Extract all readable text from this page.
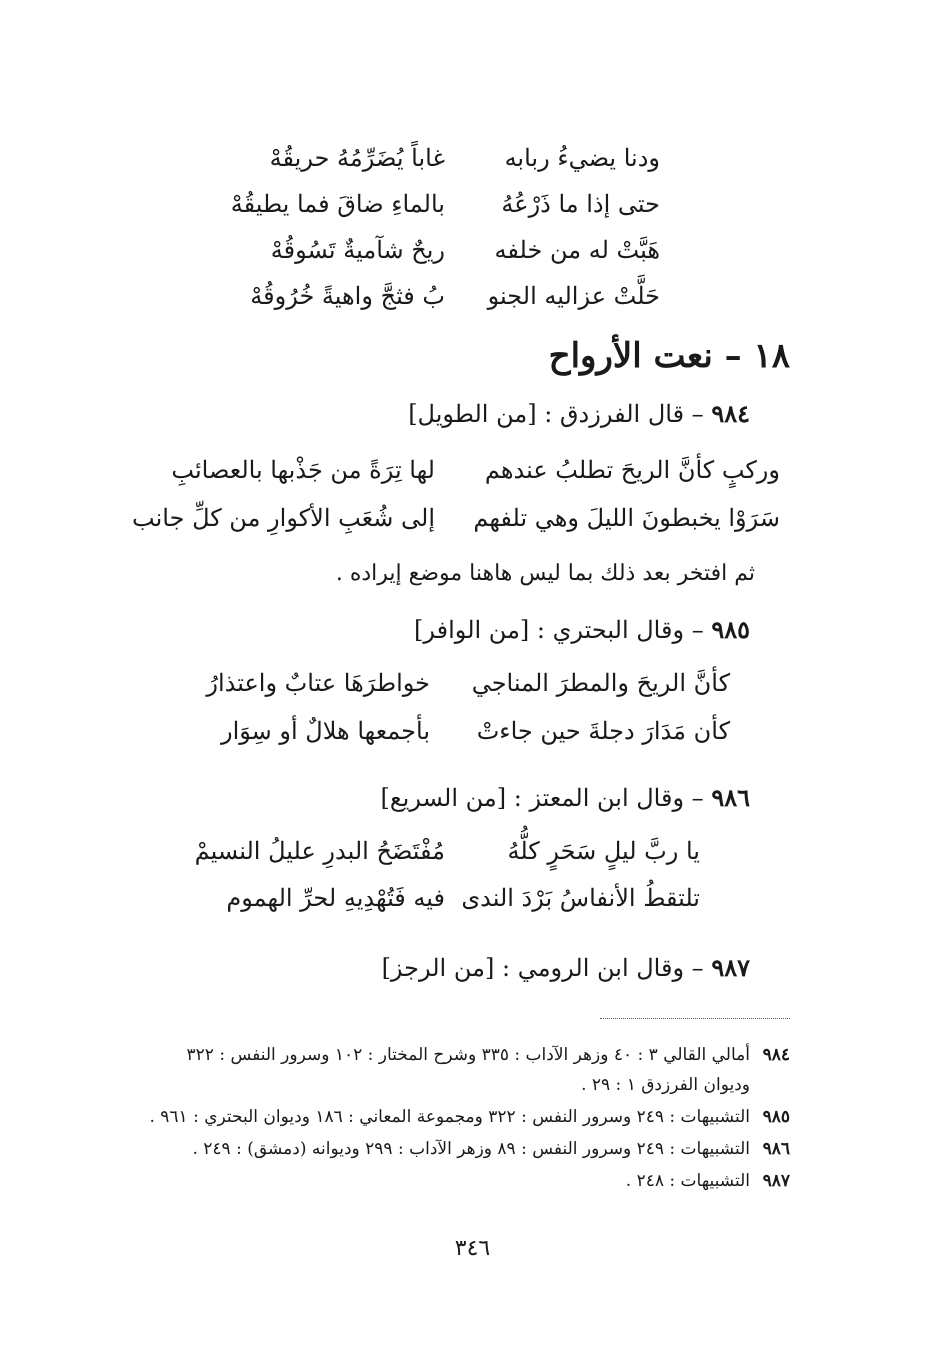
ودنا يضيءُ ربابه
غاباً يُضَرِّمُهُ حريقُهْ
حتى إذا ما ذَرْعُهُ
بالماءِ ضاقَ فما يطيقُهْ
هَبَّتْ له من خلفه
ريحٌ شآميةٌ تَسُوقُهْ
حَلَّتْ عزاليه الجنو
بُ فثجَّ واهيةً خُرُوقُهْ
١٨ – نعت الأرواح
٩٨٤ – قال الفرزدق : [من الطويل]
وركبٍ كأنَّ الريحَ تطلبُ عندهم
لها تِرَةً من جَذْبها بالعصائبِ
سَرَوْا يخبطونَ الليلَ وهي تلفهم
إلى شُعَبِ الأكوارِ من كلِّ جانب
ثم افتخر بعد ذلك بما ليس هاهنا موضع إيراده .
٩٨٥ – وقال البحتري : [من الوافر]
كأنَّ الريحَ والمطرَ المناجي
خواطرَهَا عتابٌ واعتذارُ
كأن مَدَارَ دجلةَ حين جاءتْ
بأجمعها هلالٌ أو سِوَار
٩٨٦ – وقال ابن المعتز : [من السريع]
يا ربَّ ليلٍ سَحَرٍ كلُّهُ
مُفْتَضَحُ البدرِ عليلُ النسيمْ
تلتقطُ الأنفاسُ بَرْدَ الندى
فيه فَتُهْدِيهِ لحرِّ الهموم
٩٨٧ – وقال ابن الرومي : [من الرجز]
٩٨٤أمالي القالي ٣ : ٤٠ وزهر الآداب : ٣٣٥ وشرح المختار : ١٠٢ وسرور النفس : ٣٢٢
وديوان الفرزدق ١ : ٢٩ .
٩٨٥التشبيهات : ٢٤٩ وسرور النفس : ٣٢٢ ومجموعة المعاني : ١٨٦ وديوان البحتري : ٩٦١ .
٩٨٦التشبيهات : ٢٤٩ وسرور النفس : ٨٩ وزهر الآداب : ٢٩٩ وديوانه (دمشق) : ٢٤٩ .
٩٨٧التشبيهات : ٢٤٨ .
٣٤٦
